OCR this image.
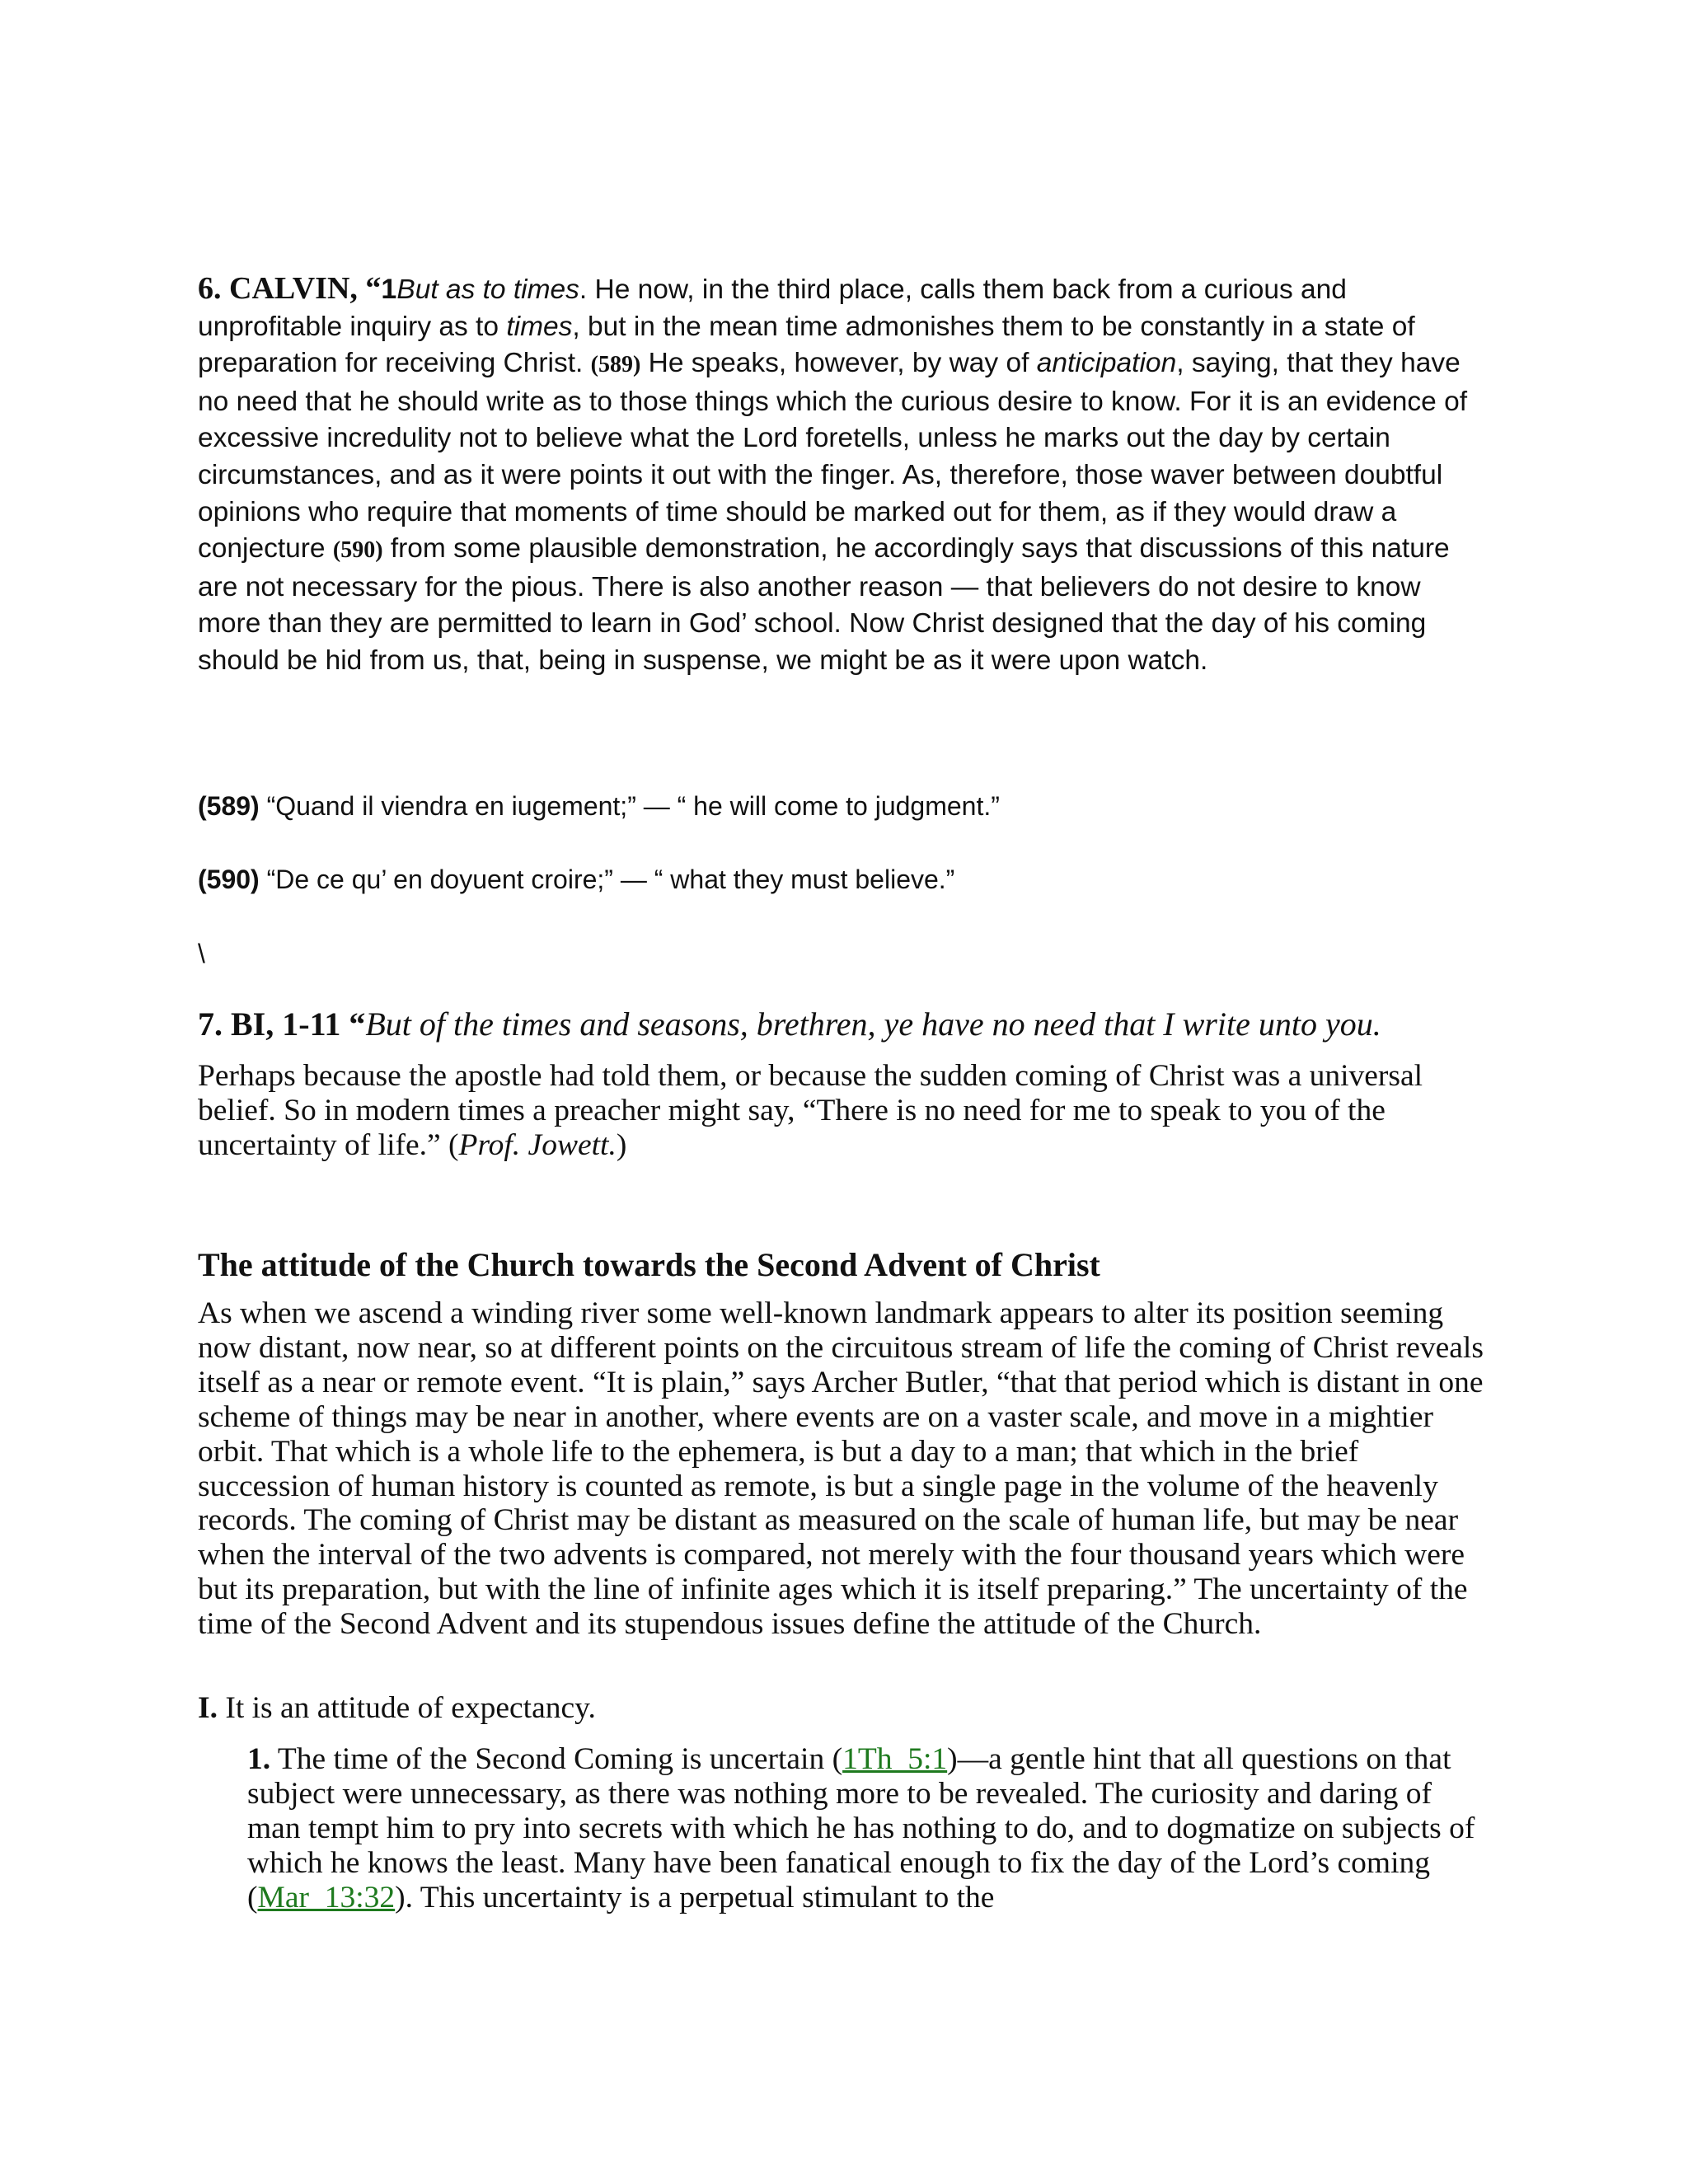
6. CALVIN, “1But as to times. He now, in the third place, calls them back from a curious and unprofitable inquiry as to times, but in the mean time admonishes them to be constantly in a state of preparation for receiving Christ. (589) He speaks, however, by way of anticipation, saying, that they have no need that he should write as to those things which the curious desire to know. For it is an evidence of excessive incredulity not to believe what the Lord foretells, unless he marks out the day by certain circumstances, and as it were points it out with the finger. As, therefore, those waver between doubtful opinions who require that moments of time should be marked out for them, as if they would draw a conjecture (590) from some plausible demonstration, he accordingly says that discussions of this nature are not necessary for the pious. There is also another reason — that believers do not desire to know more than they are permitted to learn in God’ school. Now Christ designed that the day of his coming should be hid from us, that, being in suspense, we might be as it were upon watch.
(589) “Quand il viendra en iugement;” — “ he will come to judgment.”
(590) “De ce qu’ en doyuent croire;” — “ what they must believe.”
\
7. BI, 1-11 “But of the times and seasons, brethren, ye have no need that I write unto you.
Perhaps because the apostle had told them, or because the sudden coming of Christ was a universal belief. So in modern times a preacher might say, “There is no need for me to speak to you of the uncertainty of life.” (Prof. Jowett.)
The attitude of the Church towards the Second Advent of Christ
As when we ascend a winding river some well-known landmark appears to alter its position seeming now distant, now near, so at different points on the circuitous stream of life the coming of Christ reveals itself as a near or remote event. “It is plain,” says Archer Butler, “that that period which is distant in one scheme of things may be near in another, where events are on a vaster scale, and move in a mightier orbit. That which is a whole life to the ephemera, is but a day to a man; that which in the brief succession of human history is counted as remote, is but a single page in the volume of the heavenly records. The coming of Christ may be distant as measured on the scale of human life, but may be near when the interval of the two advents is compared, not merely with the four thousand years which were but its preparation, but with the line of infinite ages which it is itself preparing.” The uncertainty of the time of the Second Advent and its stupendous issues define the attitude of the Church.
I. It is an attitude of expectancy.
1. The time of the Second Coming is uncertain (1Th_5:1)—a gentle hint that all questions on that subject were unnecessary, as there was nothing more to be revealed. The curiosity and daring of man tempt him to pry into secrets with which he has nothing to do, and to dogmatize on subjects of which he knows the least. Many have been fanatical enough to fix the day of the Lord’s coming (Mar_13:32). This uncertainty is a perpetual stimulant to the
